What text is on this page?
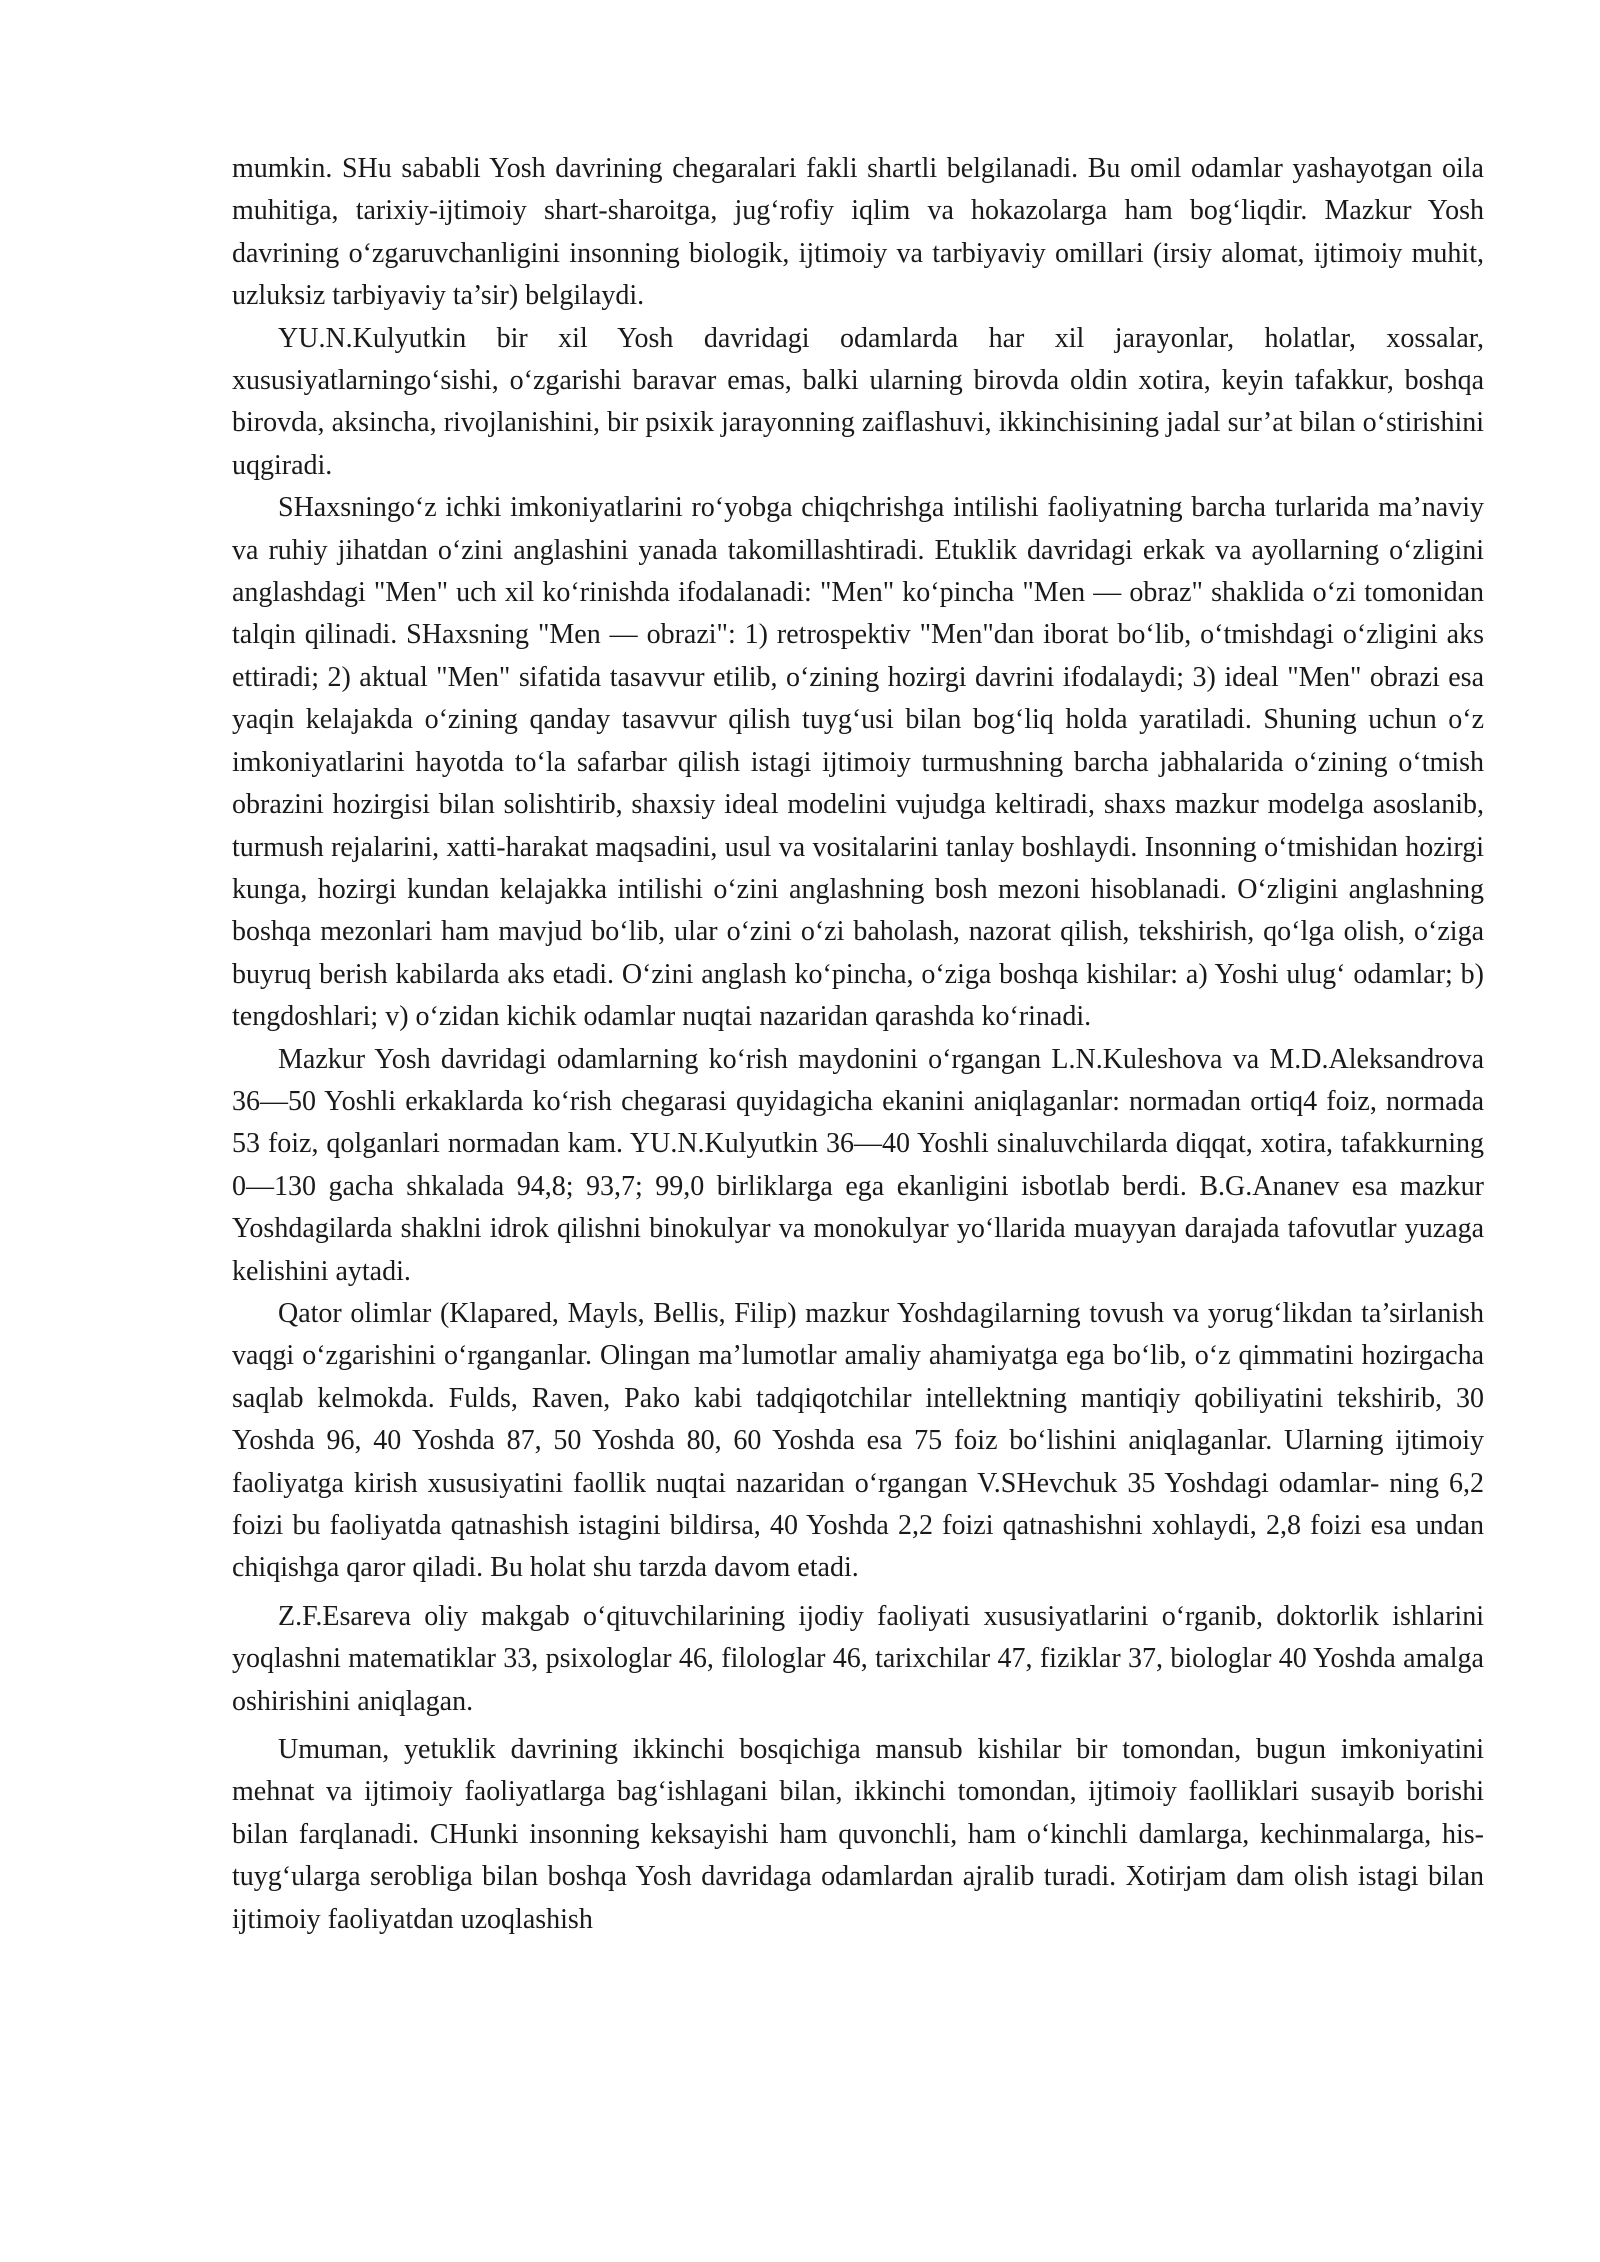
mumkin. SHu sababli Yosh davrining chegaralari fakli shartli belgilanadi. Bu omil odamlar yashayotgan oila muhitiga, tarixiy-ijtimoiy shart-sharoitga, jug‘rofiy iqlim va hokazolarga ham bog‘liqdir. Mazkur Yosh davrining o‘zgaruvchanligini insonning biologik, ijtimoiy va tarbiyaviy omillari (irsiy alomat, ijtimoiy muhit, uzluksiz tarbiyaviy ta’sir) belgilaydi.

YU.N.Kulyutkin bir xil Yosh davridagi odamlarda har xil jarayonlar, holatlar, xossalar, xususiyatlarningo‘sishi, o‘zgarishi baravar emas, balki ularning birovda oldin xotira, keyin tafakkur, boshqa birovda, aksincha, rivojlanishini, bir psixik jarayonning zaiflashuvi, ikkinchisining jadal sur’at bilan o‘stirishini uqgiradi.

SHaxsningo‘z ichki imkoniyatlarini ro‘yobga chiqchrishga intilishi faoliyatning barcha turlarida ma’naviy va ruhiy jihatdan o‘zini anglashini yanada takomillashtiradi. Etuklik davridagi erkak va ayollarning o‘zligini anglashdagi "Men" uch xil ko‘rinishda ifodalanadi: "Men" ko‘pincha "Men — obraz" shaklida o‘zi tomonidan talqin qilinadi. SHaxsning "Men — obrazi": 1) retrospektiv "Men"dan iborat bo‘lib, o‘tmishdagi o‘zligini aks ettiradi; 2) aktual "Men" sifatida tasavvur etilib, o‘zining hozirgi davrini ifodalaydi; 3) ideal "Men" obrazi esa yaqin kelajakda o‘zining qanday tasavvur qilish tuyg‘usi bilan bog‘liq holda yaratiladi. Shuning uchun o‘z imkoniyatlarini hayotda to‘la safarbar qilish istagi ijtimoiy turmushning barcha jabhalarida o‘zining o‘tmish obrazini hozirgisi bilan solishtirib, shaxsiy ideal modelini vujudga keltiradi, shaxs mazkur modelga asoslanib, turmush rejalarini, xatti-harakat maqsadini, usul va vositalarini tanlay boshlaydi. Insonning o‘tmishidan hozirgi kunga, hozirgi kundan kelajakka intilishi o‘zini anglashning bosh mezoni hisoblanadi. O‘zligini anglashning boshqa mezonlari ham mavjud bo‘lib, ular o‘zini o‘zi baholash, nazorat qilish, tekshirish, qo‘lga olish, o‘ziga buyruq berish kabilarda aks etadi. O‘zini anglash ko‘pincha, o‘ziga boshqa kishilar: a) Yoshi ulug‘ odamlar; b) tengdoshlari; v) o‘zidan kichik odamlar nuqtai nazaridan qarashda ko‘rinadi.

Mazkur Yosh davridagi odamlarning ko‘rish maydonini o‘rgangan L.N.Kuleshova va M.D.Aleksandrova 36—50 Yoshli erkaklarda ko‘rish chegarasi quyidagicha ekanini aniqlaganlar: normadan ortiq4 foiz, normada 53 foiz, qolganlari normadan kam. YU.N.Kulyutkin 36—40 Yoshli sinaluvchilarda diqqat, xotira, tafakkurning 0—130 gacha shkalada 94,8; 93,7; 99,0 birliklarga ega ekanligini isbotlab berdi. B.G.Ananev esa mazkur Yoshdagilarda shaklni idrok qilishni binokulyar va monokulyar yo‘llarida muayyan darajada tafovutlar yuzaga kelishini aytadi.

Qator olimlar (Klapared, Mayls, Bellis, Filip) mazkur Yoshdagilarning tovush va yorug‘likdan ta’sirlanish vaqgi o‘zgarishini o‘rganganlar. Olingan ma’lumotlar amaliy ahamiyatga ega bo‘lib, o‘z qimmatini hozirgacha saqlab kelmokda. Fulds, Raven, Pako kabi tadqiqotchilar intellektning mantiqiy qobiliyatini tekshirib, 30 Yoshda 96, 40 Yoshda 87, 50 Yoshda 80, 60 Yoshda esa 75 foiz bo‘lishini aniqlaganlar. Ularning ijtimoiy faoliyatga kirish xususiyatini faollik nuqtai nazaridan o‘rgangan V.SHevchuk 35 Yoshdagi odamlar- ning 6,2 foizi bu faoliyatda qatnashish istagini bildirsa, 40 Yoshda 2,2 foizi qatnashishni xohlaydi, 2,8 foizi esa undan chiqishga qaror qiladi. Bu holat shu tarzda davom etadi.

Z.F.Esareva oliy makgab o‘qituvchilarining ijodiy faoliyati xususiyatlarini o‘rganib, doktorlik ishlarini yoqlashni matematiklar 33, psixologlar 46, filologlar 46, tarixchilar 47, fiziklar 37, biologlar 40 Yoshda amalga oshirishini aniqlagan.

Umuman, yetuklik davrining ikkinchi bosqichiga mansub kishilar bir tomondan, bugun imkoniyatini mehnat va ijtimoiy faoliyatlarga bag‘ishlagani bilan, ikkinchi tomondan, ijtimoiy faolliklari susayib borishi bilan farqlanadi. CHunki insonning keksayishi ham quvonchli, ham o‘kinchli damlarga, kechinmalarga, his-tuyg‘ularga serobliga bilan boshqa Yosh davridaga odamlardan ajralib turadi. Xotirjam dam olish istagi bilan ijtimoiy faoliyatdan uzoqlashish
